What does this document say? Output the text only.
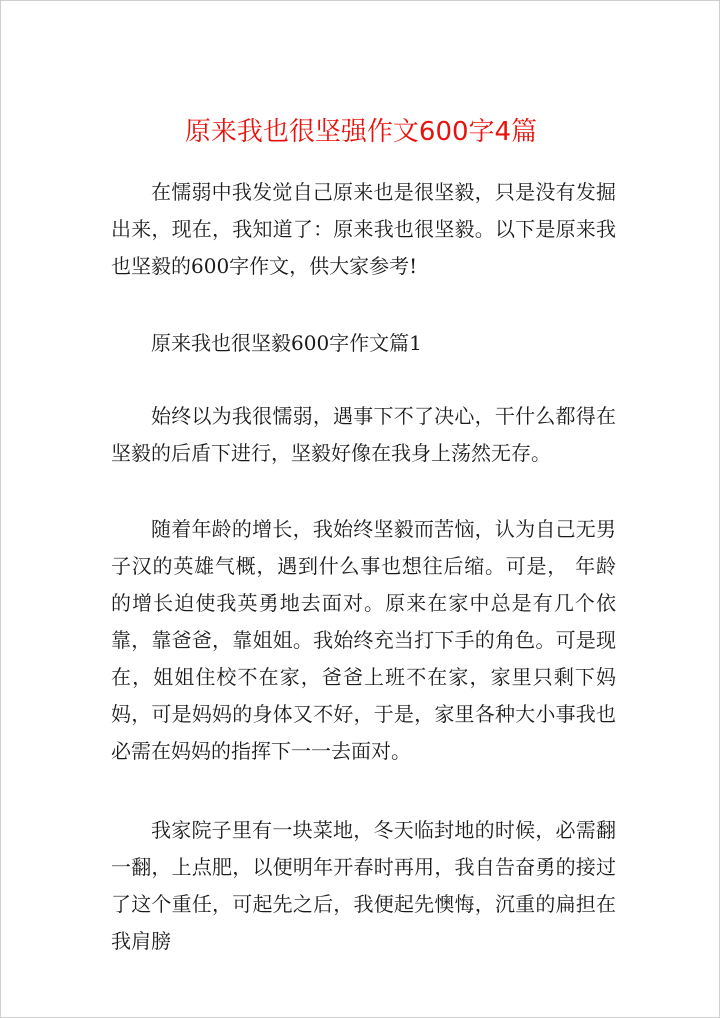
原来我也很坚强作文600字4篇

在懦弱中我发觉自己原来也是很坚毅，只是没有发掘出来，现在，我知道了：原来我也很坚毅。以下是原来我也坚毅的600字作文，供大家参考!

原来我也很坚毅600字作文篇1

始终以为我很懦弱，遇事下不了决心，干什么都得在坚毅的后盾下进行，坚毅好像在我身上荡然无存。

随着年龄的增长，我始终坚毅而苦恼，认为自己无男子汉的英雄气概，遇到什么事也想往后缩。可是， 年龄的增长迫使我英勇地去面对。原来在家中总是有几个依靠，靠爸爸，靠姐姐。我始终充当打下手的角色。可是现在，姐姐住校不在家，爸爸上班不在家，家里只剩下妈妈，可是妈妈的身体又不好，于是，家里各种大小事我也必需在妈妈的指挥下一一去面对。

我家院子里有一块菜地，冬天临封地的时候，必需翻一翻，上点肥，以便明年开春时再用，我自告奋勇的接过了这个重任，可起先之后，我便起先懊悔，沉重的扁担在我肩膀
